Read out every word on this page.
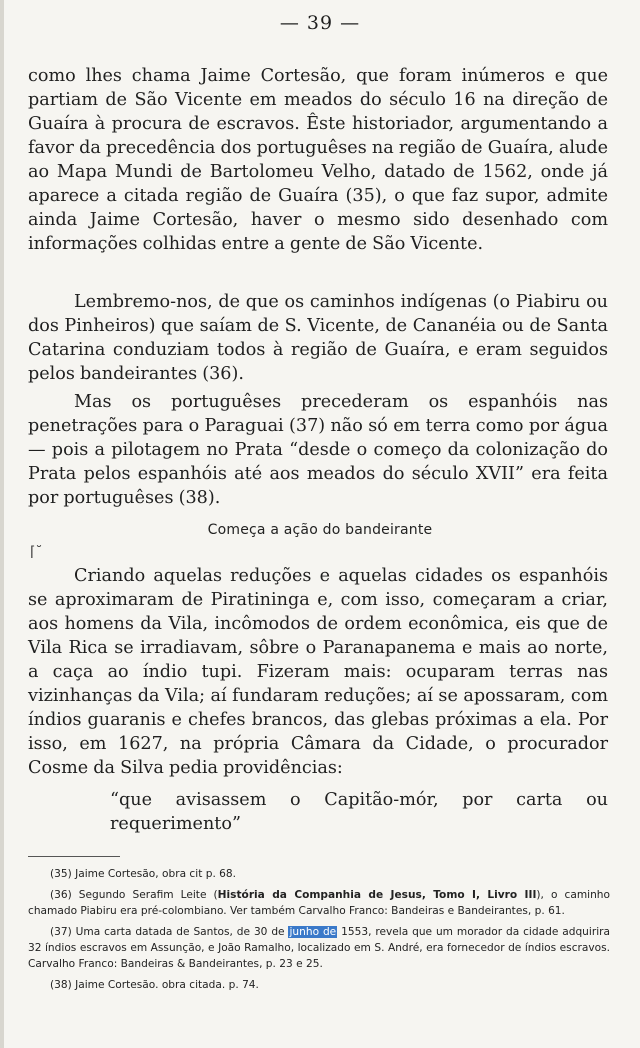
— 39 —

como lhes chama Jaime Cortesão, que foram inúmeros e que partiam de São Vicente em meados do século 16 na direção de Guaíra à procura de escravos. Êste historiador, argumentando a favor da precedência dos portuguêses na região de Guaíra, alude ao Mapa Mundi de Bartolomeu Velho, datado de 1562, onde já aparece a citada região de Guaíra (35), o que faz supor, admite ainda Jaime Cortesão, haver o mesmo sido desenhado com informações colhidas entre a gente de São Vicente.

Lembremo-nos, de que os caminhos indígenas (o Piabiru ou dos Pinheiros) que saíam de S. Vicente, de Cananéia ou de Santa Catarina conduziam todos à região de Guaíra, e eram seguidos pelos bandeirantes (36).

Mas os portuguêses precederam os espanhóis nas penetrações para o Paraguai (37) não só em terra como por água — pois a pilotagem no Prata “desde o começo da colonização do Prata pelos espanhóis até aos meados do século XVII” era feita por portuguêses (38).

Começa a ação do bandeirante
⌈˘

Criando aquelas reduções e aquelas cidades os espanhóis se aproximaram de Piratininga e, com isso, começaram a criar, aos homens da Vila, incômodos de ordem econômica, eis que de Vila Rica se irradiavam, sôbre o Paranapanema e mais ao norte, a caça ao índio tupi. Fizeram mais: ocuparam terras nas vizinhanças da Vila; aí fundaram reduções; aí se apossaram, com índios guaranis e chefes brancos, das glebas próximas a ela. Por isso, em 1627, na própria Câmara da Cidade, o procurador Cosme da Silva pedia providências:

“que avisassem o Capitão-mór, por carta ou requerimento”

(35) Jaime Cortesão, obra cit p. 68.

(36) Segundo Serafim Leite (História da Companhia de Jesus, Tomo I, Livro III), o caminho chamado Piabiru era pré-colombiano. Ver também Carvalho Franco: Bandeiras e Bandeirantes, p. 61.

(37) Uma carta datada de Santos, de 30 de junho de 1553, revela que um morador da cidade adquirira 32 índios escravos em Assunção, e João Ramalho, localizado em S. André, era fornecedor de índios escravos. Carvalho Franco: Bandeiras & Bandeirantes, p. 23 e 25.

(38) Jaime Cortesão. obra citada. p. 74.
